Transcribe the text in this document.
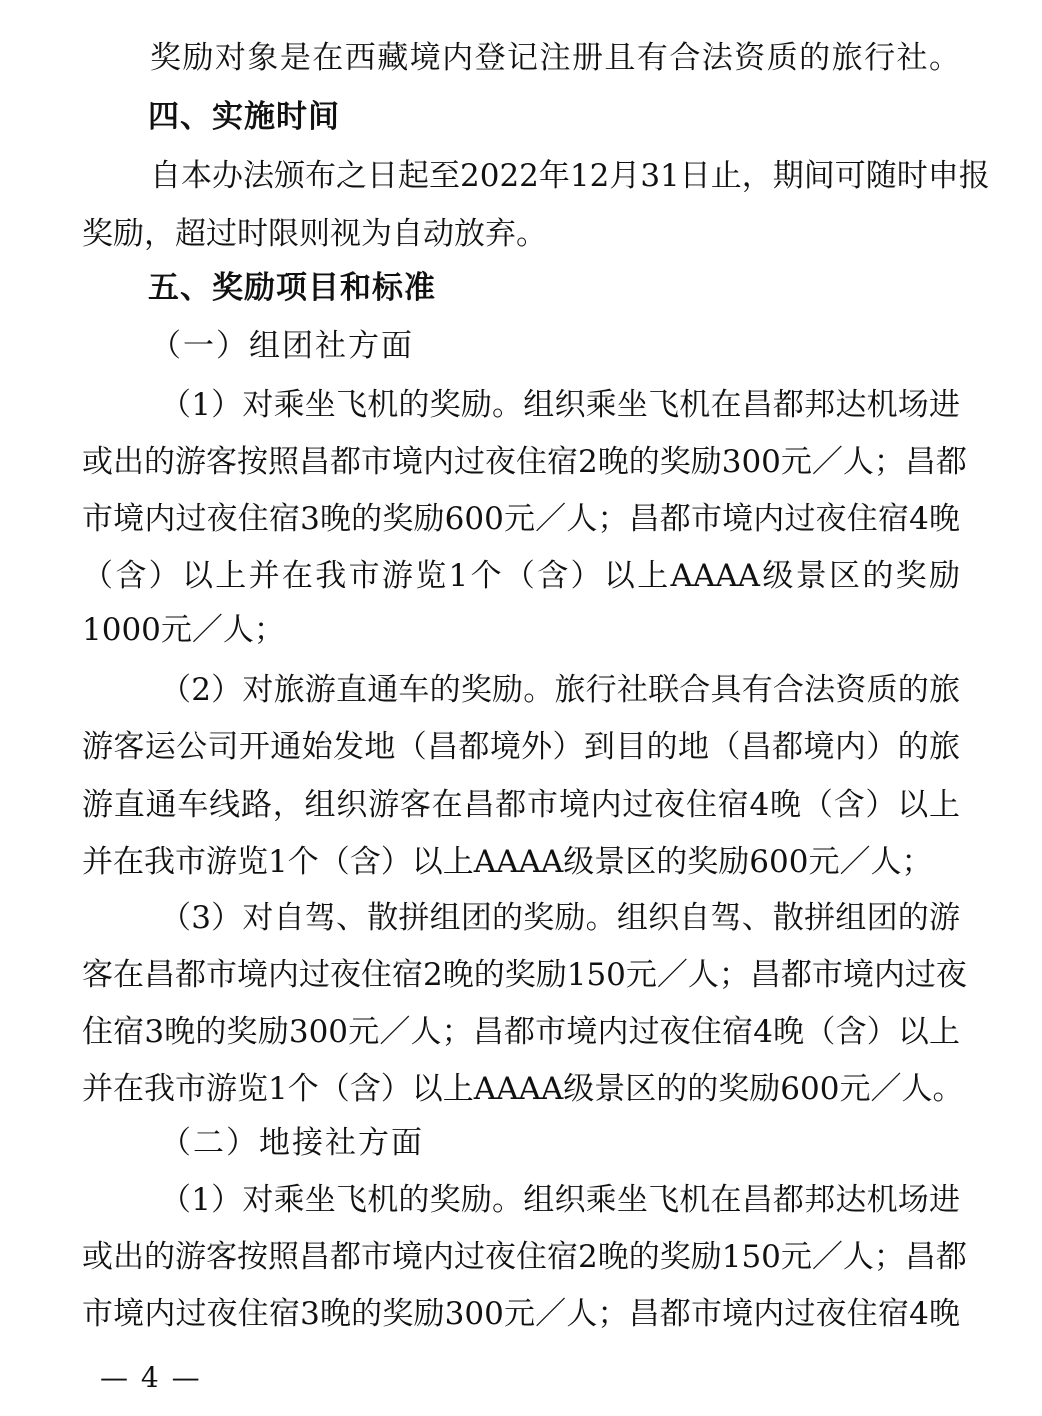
奖励对象是在西藏境内登记注册且有合法资质的旅行社。
四、实施时间
自本办法颁布之日起至2022年12月31日止，期间可随时申报
奖励，超过时限则视为自动放弃。
五、奖励项目和标准
（一）组团社方面
（1）对乘坐飞机的奖励。组织乘坐飞机在昌都邦达机场进
或出的游客按照昌都市境内过夜住宿2晚的奖励300元／人；昌都
市境内过夜住宿3晚的奖励600元／人；昌都市境内过夜住宿4晚
（含）以上并在我市游览1个（含）以上AAAA级景区的奖励
1000元／人；
（2）对旅游直通车的奖励。旅行社联合具有合法资质的旅
游客运公司开通始发地（昌都境外）到目的地（昌都境内）的旅
游直通车线路，组织游客在昌都市境内过夜住宿4晚（含）以上
并在我市游览1个（含）以上AAAA级景区的奖励600元／人；
（3）对自驾、散拼组团的奖励。组织自驾、散拼组团的游
客在昌都市境内过夜住宿2晚的奖励150元／人；昌都市境内过夜
住宿3晚的奖励300元／人；昌都市境内过夜住宿4晚（含）以上
并在我市游览1个（含）以上AAAA级景区的的奖励600元／人。
（二）地接社方面
（1）对乘坐飞机的奖励。组织乘坐飞机在昌都邦达机场进
或出的游客按照昌都市境内过夜住宿2晚的奖励150元／人；昌都
市境内过夜住宿3晚的奖励300元／人；昌都市境内过夜住宿4晚
— 4 —
